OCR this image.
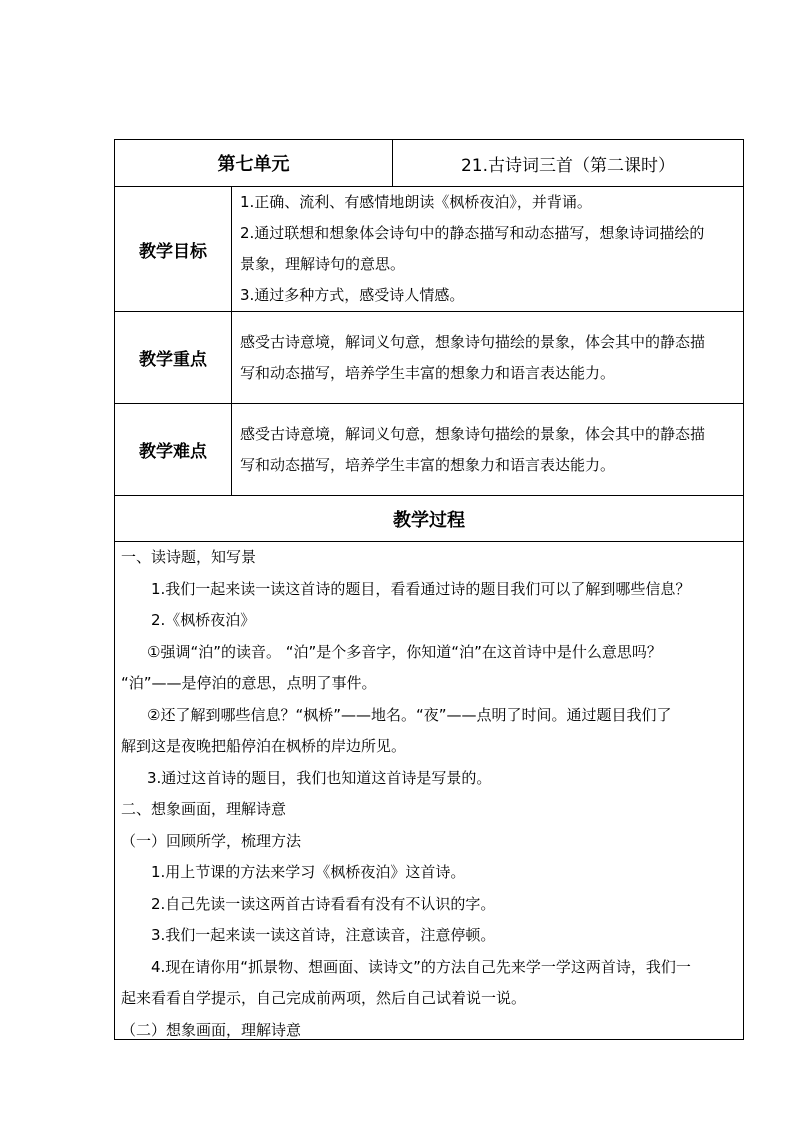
第七单元	21.古诗词三首（第二课时）
教学目标

1.正确、流利、有感情地朗读《枫桥夜泊》，并背诵。

2.通过联想和想象体会诗句中的静态描写和动态描写，想象诗词描绘的

景象，理解诗句的意思。

3.通过多种方式，感受诗人情感。

教学重点

感受古诗意境，解词义句意，想象诗句描绘的景象，体会其中的静态描

写和动态描写，培养学生丰富的想象力和语言表达能力。

教学难点

感受古诗意境，解词义句意，想象诗句描绘的景象，体会其中的静态描

写和动态描写，培养学生丰富的想象力和语言表达能力。

教学过程

一、读诗题，知写景

1.我们一起来读一读这首诗的题目，看看通过诗的题目我们可以了解到哪些信息？

2.《枫桥夜泊》

①强调“泊”的读音。 “泊”是个多音字，你知道“泊”在这首诗中是什么意思吗？

“泊”——是停泊的意思，点明了事件。

②还了解到哪些信息？“枫桥”——地名。“夜”——点明了时间。通过题目我们了

解到这是夜晚把船停泊在枫桥的岸边所见。

3.通过这首诗的题目，我们也知道这首诗是写景的。

二、想象画面，理解诗意

（一）回顾所学，梳理方法

1.用上节课的方法来学习《枫桥夜泊》这首诗。

2.自己先读一读这两首古诗看看有没有不认识的字。

3.我们一起来读一读这首诗，注意读音，注意停顿。

4.现在请你用“抓景物、想画面、读诗文”的方法自己先来学一学这两首诗，我们一

起来看看自学提示，自己完成前两项，然后自己试着说一说。

（二）想象画面，理解诗意
